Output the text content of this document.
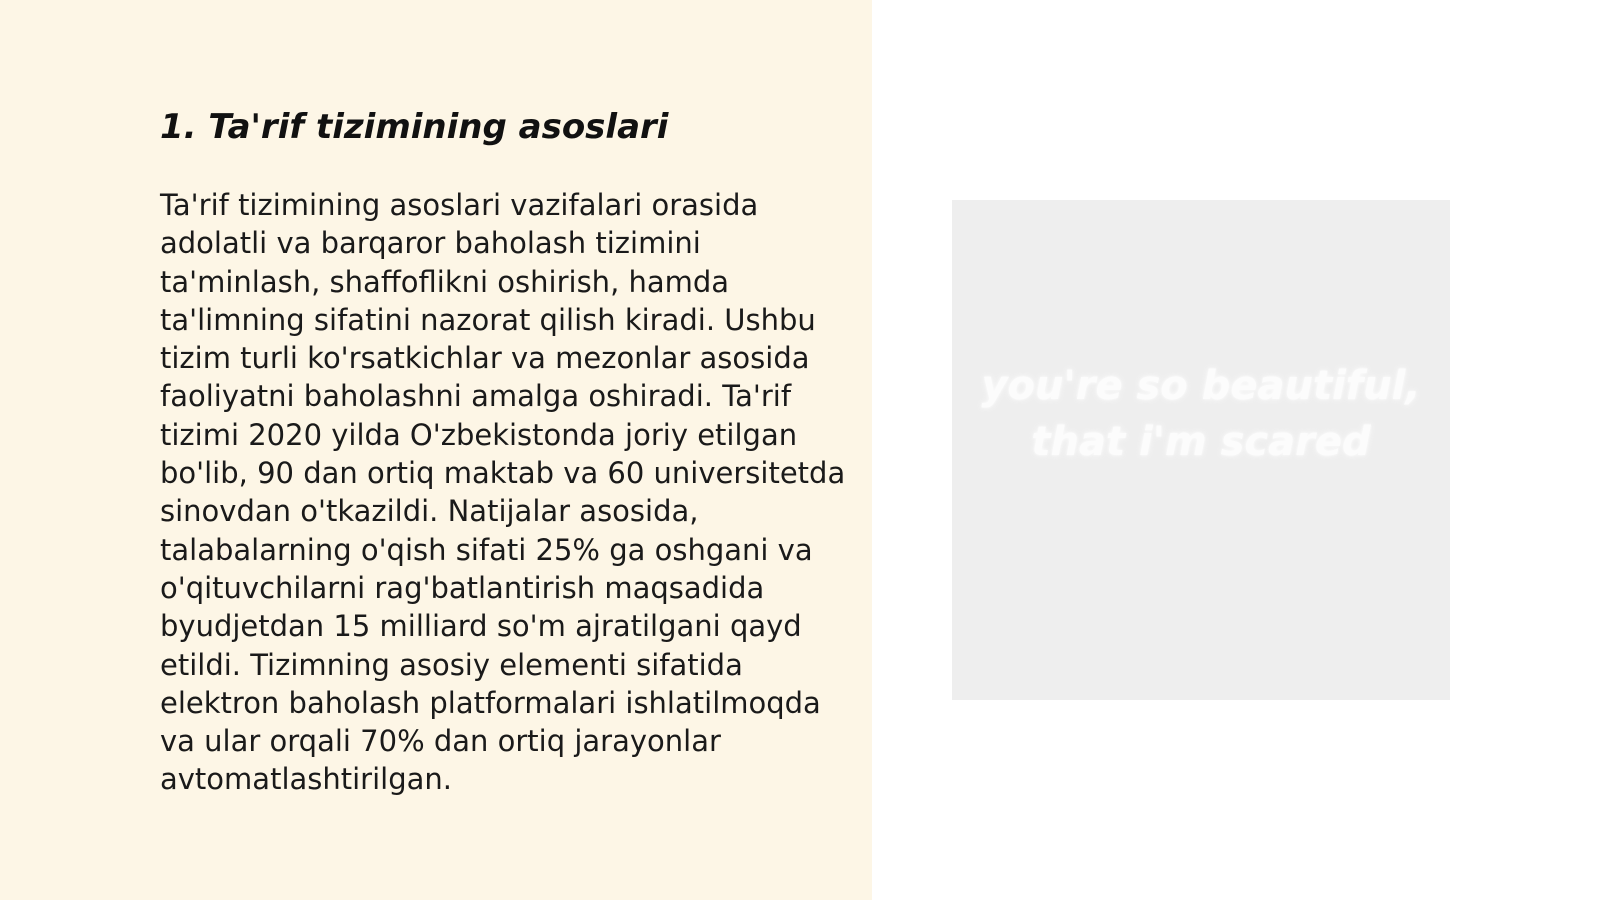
1. Ta'rif tizimining asoslari

Ta'rif tizimining asoslari vazifalari orasida adolatli va barqaror baholash tizimini ta'minlash, shaffoflikni oshirish, hamda ta'limning sifatini nazorat qilish kiradi. Ushbu tizim turli ko'rsatkichlar va mezonlar asosida faoliyatni baholashni amalga oshiradi. Ta'rif tizimi 2020 yilda O'zbekistonda joriy etilgan bo'lib, 90 dan ortiq maktab va 60 universitetda sinovdan o'tkazildi. Natijalar asosida, talabalarning o'qish sifati 25% ga oshgani va o'qituvchilarni rag'batlantirish maqsadida byudjetdan 15 milliard so'm ajratilgani qayd etildi. Tizimning asosiy elementi sifatida elektron baholash platformalari ishlatilmoqda va ular orqali 70% dan ortiq jarayonlar avtomatlashtirilgan.

you're so beautiful, that i'm scared
